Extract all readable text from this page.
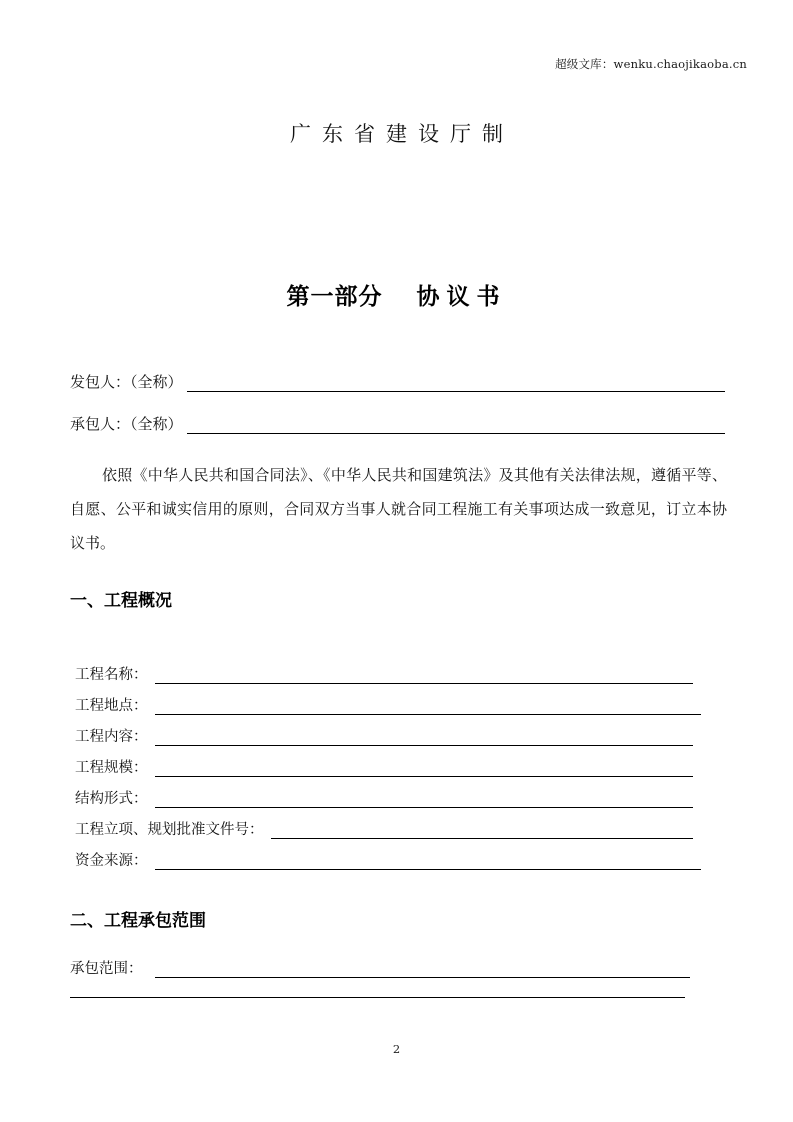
超级文库：wenku.chaojikaoba.cn
广东省建设厅制
第一部分 协议书
发包人：（全称）
承包人：（全称）
依照《中华人民共和国合同法》、《中华人民共和国建筑法》及其他有关法律法规，遵循平等、自愿、公平和诚实信用的原则，合同双方当事人就合同工程施工有关事项达成一致意见，订立本协议书。
一、工程概况
工程名称：
工程地点：
工程内容：
工程规模：
结构形式：
工程立项、规划批准文件号：
资金来源：
二、工程承包范围
承包范围：
2
